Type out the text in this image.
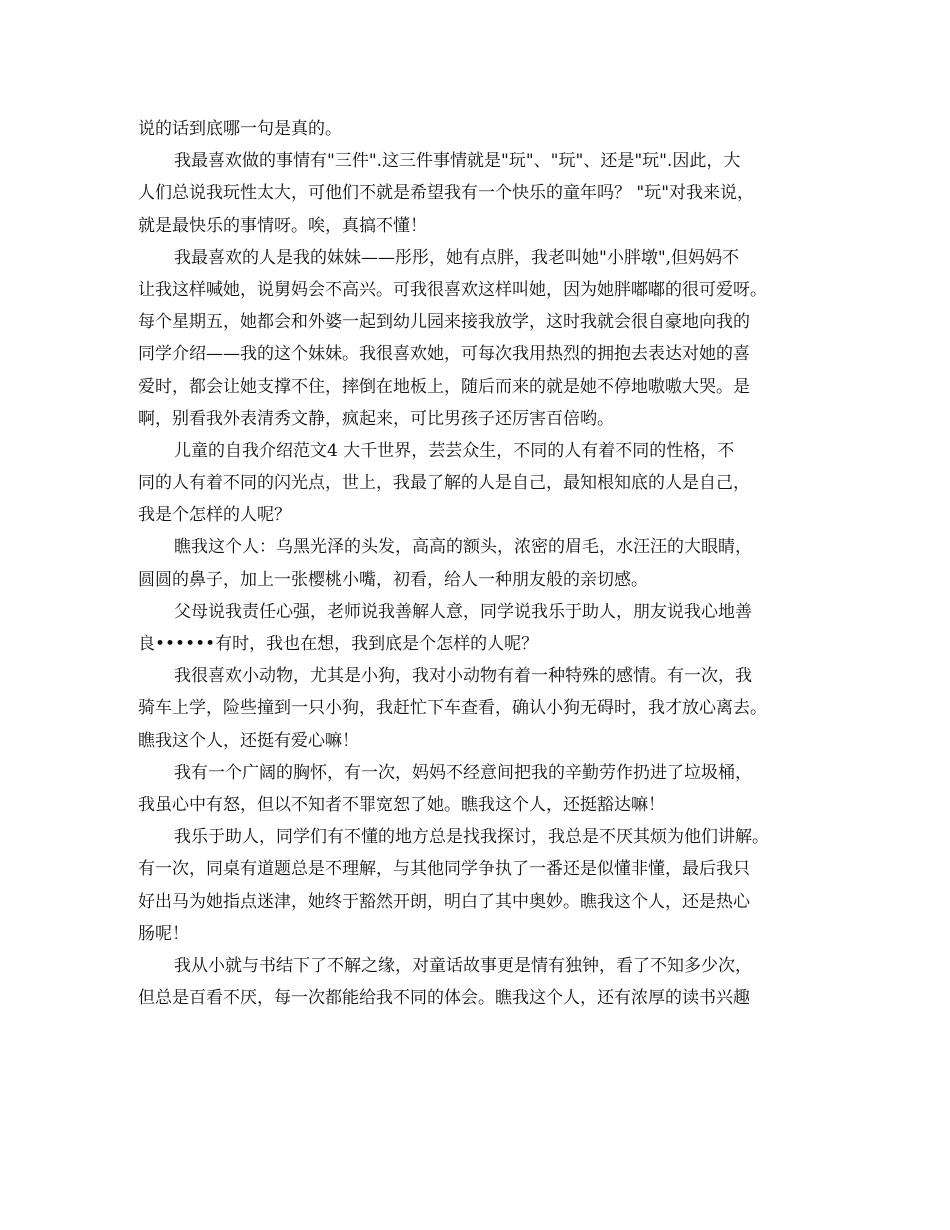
说的话到底哪一句是真的。
我最喜欢做的事情有"三件".这三件事情就是"玩"、"玩"、还是"玩".因此，大
人们总说我玩性太大，可他们不就是希望我有一个快乐的童年吗？ "玩"对我来说，
就是最快乐的事情呀。唉，真搞不懂！
我最喜欢的人是我的妹妹——彤彤，她有点胖，我老叫她"小胖墩",但妈妈不
让我这样喊她，说舅妈会不高兴。可我很喜欢这样叫她，因为她胖嘟嘟的很可爱呀。
每个星期五，她都会和外婆一起到幼儿园来接我放学，这时我就会很自豪地向我的
同学介绍——我的这个妹妹。我很喜欢她，可每次我用热烈的拥抱去表达对她的喜
爱时，都会让她支撑不住，摔倒在地板上，随后而来的就是她不停地嗷嗷大哭。是
啊，别看我外表清秀文静，疯起来，可比男孩子还厉害百倍哟。
儿童的自我介绍范文4 大千世界，芸芸众生，不同的人有着不同的性格，不
同的人有着不同的闪光点，世上，我最了解的人是自己，最知根知底的人是自己，
我是个怎样的人呢？
瞧我这个人：乌黑光泽的头发，高高的额头，浓密的眉毛，水汪汪的大眼睛，
圆圆的鼻子，加上一张樱桃小嘴，初看，给人一种朋友般的亲切感。
父母说我责任心强，老师说我善解人意，同学说我乐于助人，朋友说我心地善
良••••••有时，我也在想，我到底是个怎样的人呢？
我很喜欢小动物，尤其是小狗，我对小动物有着一种特殊的感情。有一次，我
骑车上学，险些撞到一只小狗，我赶忙下车查看，确认小狗无碍时，我才放心离去。
瞧我这个人，还挺有爱心嘛！
我有一个广阔的胸怀，有一次，妈妈不经意间把我的辛勤劳作扔进了垃圾桶，
我虽心中有怒，但以不知者不罪宽恕了她。瞧我这个人，还挺豁达嘛！
我乐于助人，同学们有不懂的地方总是找我探讨，我总是不厌其烦为他们讲解。
有一次，同桌有道题总是不理解，与其他同学争执了一番还是似懂非懂，最后我只
好出马为她指点迷津，她终于豁然开朗，明白了其中奥妙。瞧我这个人，还是热心
肠呢！
我从小就与书结下了不解之缘，对童话故事更是情有独钟，看了不知多少次，
但总是百看不厌，每一次都能给我不同的体会。瞧我这个人，还有浓厚的读书兴趣
